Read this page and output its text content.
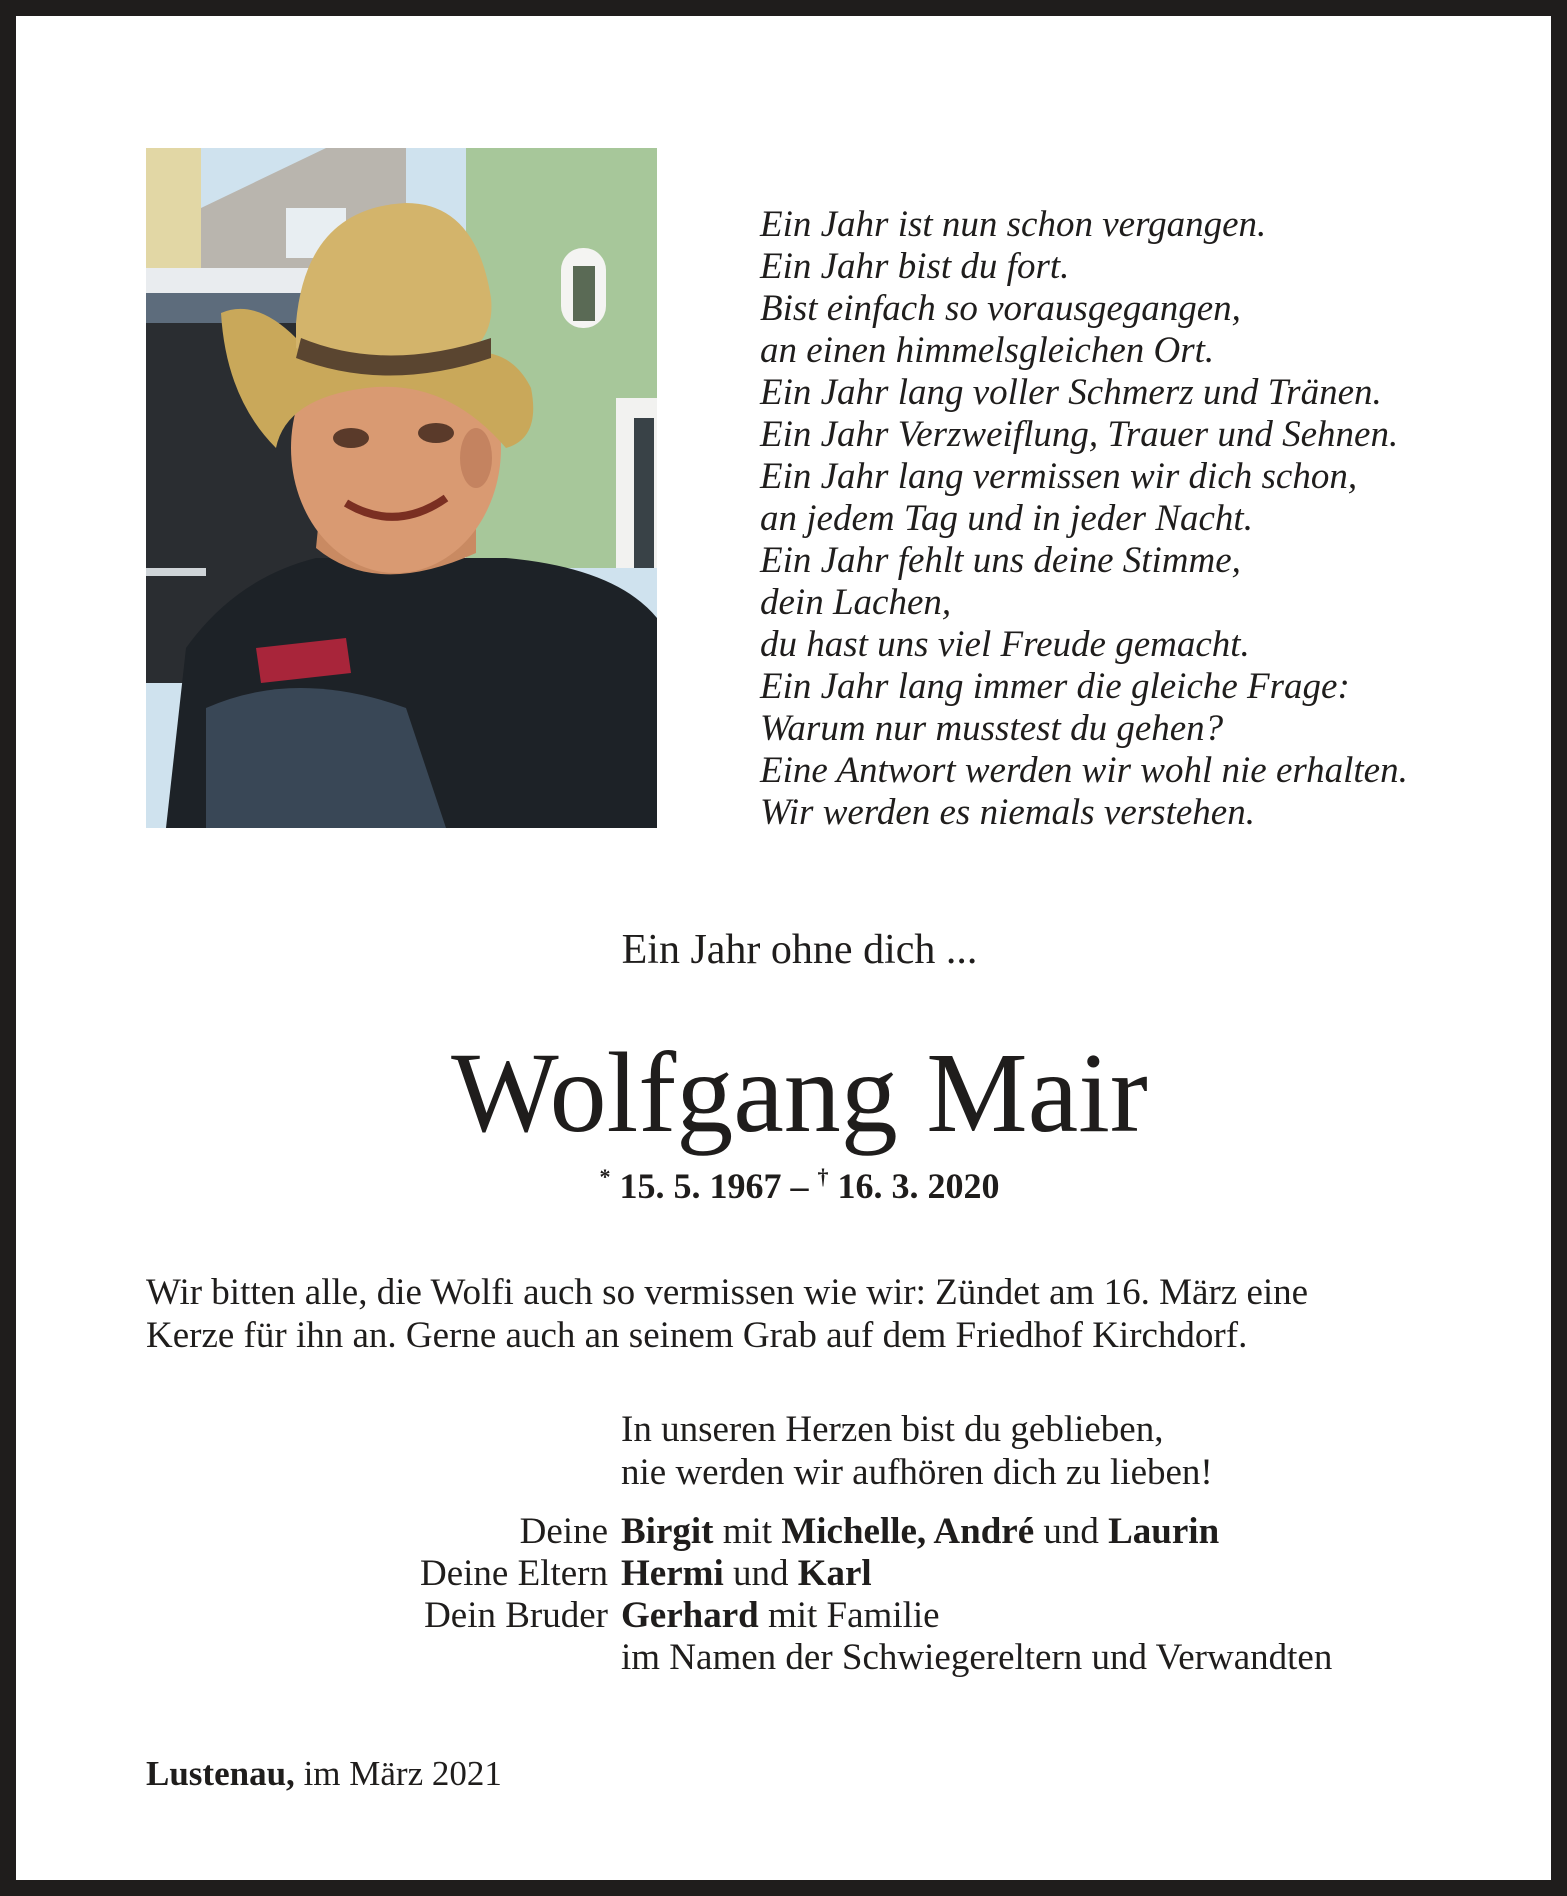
Ein Jahr ist nun schon vergangen.
Ein Jahr bist du fort.
Bist einfach so vorausgegangen,
an einen himmelsgleichen Ort.
Ein Jahr lang voller Schmerz und Tränen.
Ein Jahr Verzweiflung, Trauer und Sehnen.
Ein Jahr lang vermissen wir dich schon,
an jedem Tag und in jeder Nacht.
Ein Jahr fehlt uns deine Stimme,
dein Lachen,
du hast uns viel Freude gemacht.
Ein Jahr lang immer die gleiche Frage:
Warum nur musstest du gehen?
Eine Antwort werden wir wohl nie erhalten.
Wir werden es niemals verstehen.
Ein Jahr ohne dich ...
Wolfgang Mair
* 15. 5. 1967 – † 16. 3. 2020
Wir bitten alle, die Wolfi auch so vermissen wie wir: Zündet am 16. März eine
Kerze für ihn an. Gerne auch an seinem Grab auf dem Friedhof Kirchdorf.
In unseren Herzen bist du geblieben,
nie werden wir aufhören dich zu lieben!
Deine Birgit mit Michelle, André und Laurin
Deine Eltern Hermi und Karl
Dein Bruder Gerhard mit Familie
im Namen der Schwiegereltern und Verwandten
Lustenau, im März 2021
